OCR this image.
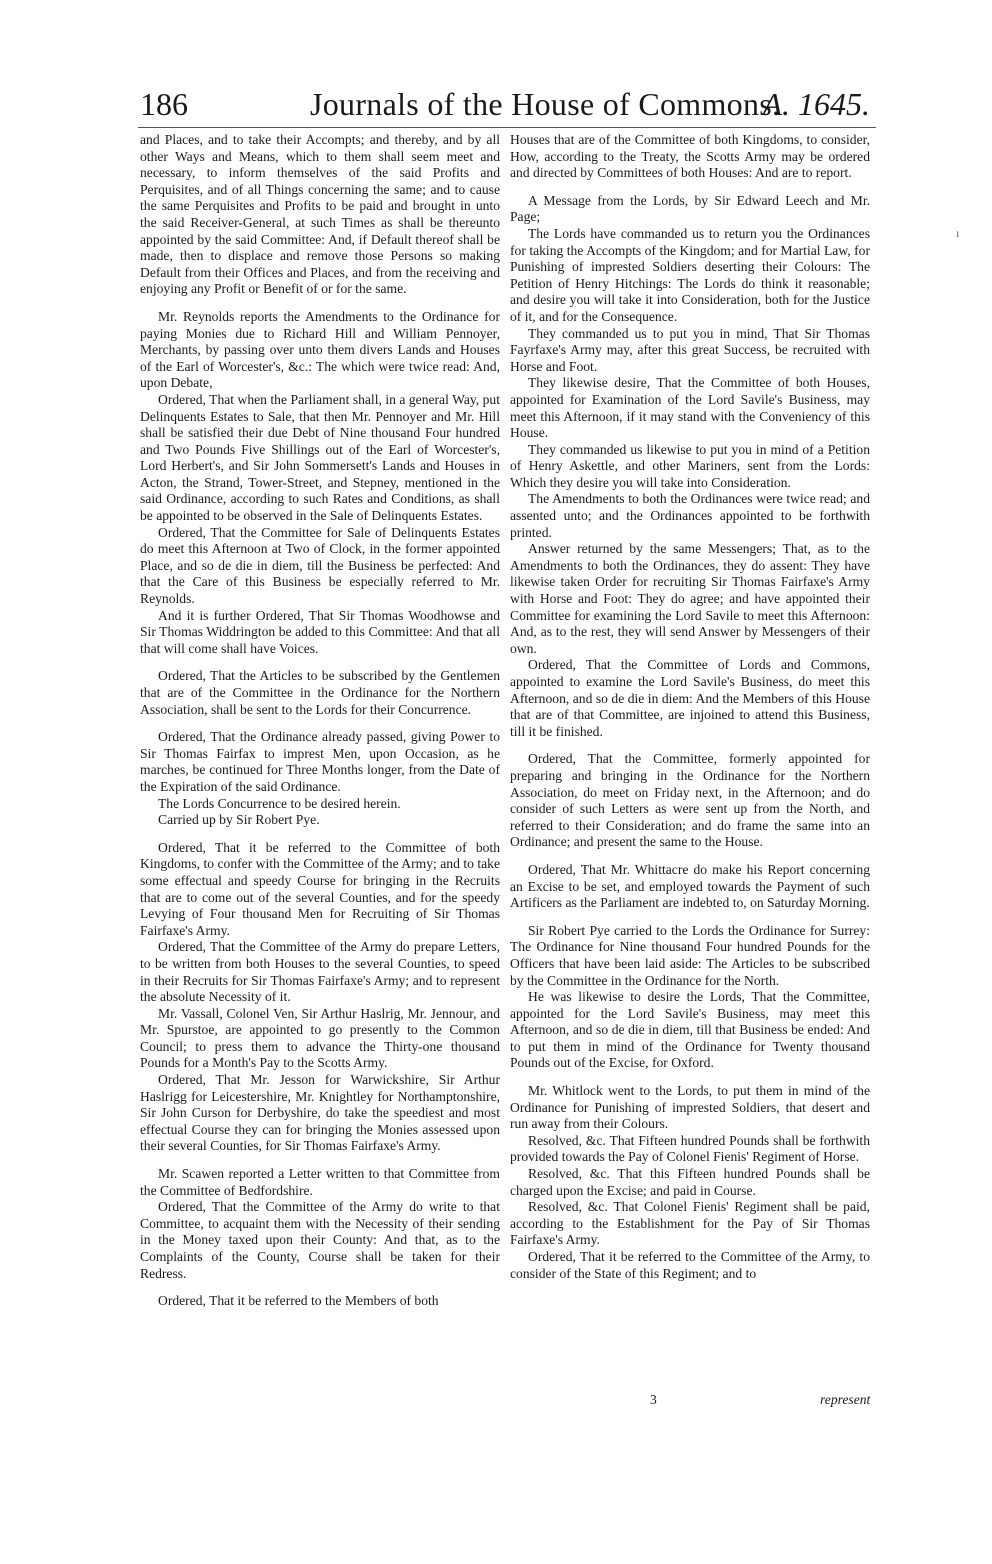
186	Journals of the House of Commons.
A. 1645.

and Places, and to take their Accompts; and thereby, and by all other Ways and Means, which to them shall seem meet and necessary, to inform themselves of the said Profits and Perquisites, and of all Things concerning the same; and to cause the same Perquisites and Profits to be paid and brought in unto the said Receiver-General, at such Times as shall be thereunto appointed by the said Committee: And, if Default thereof shall be made, then to displace and remove those Persons so making Default from their Offices and Places, and from the receiving and enjoying any Profit or Benefit of or for the same.

Mr. Reynolds reports the Amendments to the Ordinance for paying Monies due to Richard Hill and William Pennoyer, Merchants, by passing over unto them divers Lands and Houses of the Earl of Worcester's, &c.: The which were twice read: And, upon Debate,

Ordered, That when the Parliament shall, in a general Way, put Delinquents Estates to Sale, that then Mr. Pennoyer and Mr. Hill shall be satisfied their due Debt of Nine thousand Four hundred and Two Pounds Five Shillings out of the Earl of Worcester's, Lord Herbert's, and Sir John Sommersett's Lands and Houses in Acton, the Strand, Tower-Street, and Stepney, mentioned in the said Ordinance, according to such Rates and Conditions, as shall be appointed to be observed in the Sale of Delinquents Estates.

Ordered, That the Committee for Sale of Delinquents Estates do meet this Afternoon at Two of Clock, in the former appointed Place, and so de die in diem, till the Business be perfected: And that the Care of this Business be especially referred to Mr. Reynolds.

And it is further Ordered, That Sir Thomas Woodhowse and Sir Thomas Widdrington be added to this Committee: And that all that will come shall have Voices.

Ordered, That the Articles to be subscribed by the Gentlemen that are of the Committee in the Ordinance for the Northern Association, shall be sent to the Lords for their Concurrence.

Ordered, That the Ordinance already passed, giving Power to Sir Thomas Fairfax to imprest Men, upon Occasion, as he marches, be continued for Three Months longer, from the Date of the Expiration of the said Ordinance.

The Lords Concurrence to be desired herein.

Carried up by Sir Robert Pye.

Ordered, That it be referred to the Committee of both Kingdoms, to confer with the Committee of the Army; and to take some effectual and speedy Course for bringing in the Recruits that are to come out of the several Counties, and for the speedy Levying of Four thousand Men for Recruiting of Sir Thomas Fairfaxe's Army.

Ordered, That the Committee of the Army do prepare Letters, to be written from both Houses to the several Counties, to speed in their Recruits for Sir Thomas Fairfaxe's Army; and to represent the absolute Necessity of it.

Mr. Vassall, Colonel Ven, Sir Arthur Haslrig, Mr. Jennour, and Mr. Spurstoe, are appointed to go presently to the Common Council; to press them to advance the Thirty-one thousand Pounds for a Month's Pay to the Scotts Army.

Ordered, That Mr. Jesson for Warwickshire, Sir Arthur Haslrigg for Leicestershire, Mr. Knightley for Northamptonshire, Sir John Curson for Derbyshire, do take the speediest and most effectual Course they can for bringing the Monies assessed upon their several Counties, for Sir Thomas Fairfaxe's Army.

Mr. Scawen reported a Letter written to that Committee from the Committee of Bedfordshire.

Ordered, That the Committee of the Army do write to that Committee, to acquaint them with the Necessity of their sending in the Money taxed upon their County: And that, as to the Complaints of the County, Course shall be taken for their Redress.

Ordered, That it be referred to the Members of both

Houses that are of the Committee of both Kingdoms, to consider, How, according to the Treaty, the Scotts Army may be ordered and directed by Committees of both Houses: And are to report.

A Message from the Lords, by Sir Edward Leech and Mr. Page;

The Lords have commanded us to return you the Ordinances for taking the Accompts of the Kingdom; and for Martial Law, for Punishing of imprested Soldiers deserting their Colours: The Petition of Henry Hitchings: The Lords do think it reasonable; and desire you will take it into Consideration, both for the Justice of it, and for the Consequence.

They commanded us to put you in mind, That Sir Thomas Fayrfaxe's Army may, after this great Success, be recruited with Horse and Foot.

They likewise desire, That the Committee of both Houses, appointed for Examination of the Lord Savile's Business, may meet this Afternoon, if it may stand with the Conveniency of this House.

They commanded us likewise to put you in mind of a Petition of Henry Askettle, and other Mariners, sent from the Lords: Which they desire you will take into Consideration.

The Amendments to both the Ordinances were twice read; and assented unto; and the Ordinances appointed to be forthwith printed.

Answer returned by the same Messengers; That, as to the Amendments to both the Ordinances, they do assent: They have likewise taken Order for recruiting Sir Thomas Fairfaxe's Army with Horse and Foot: They do agree; and have appointed their Committee for examining the Lord Savile to meet this Afternoon: And, as to the rest, they will send Answer by Messengers of their own.

Ordered, That the Committee of Lords and Commons, appointed to examine the Lord Savile's Business, do meet this Afternoon, and so de die in diem: And the Members of this House that are of that Committee, are injoined to attend this Business, till it be finished.

Ordered, That the Committee, formerly appointed for preparing and bringing in the Ordinance for the Northern Association, do meet on Friday next, in the Afternoon; and do consider of such Letters as were sent up from the North, and referred to their Consideration; and do frame the same into an Ordinance; and present the same to the House.

Ordered, That Mr. Whittacre do make his Report concerning an Excise to be set, and employed towards the Payment of such Artificers as the Parliament are indebted to, on Saturday Morning.

Sir Robert Pye carried to the Lords the Ordinance for Surrey: The Ordinance for Nine thousand Four hundred Pounds for the Officers that have been laid aside: The Articles to be subscribed by the Committee in the Ordinance for the North.

He was likewise to desire the Lords, That the Committee, appointed for the Lord Savile's Business, may meet this Afternoon, and so de die in diem, till that Business be ended: And to put them in mind of the Ordinance for Twenty thousand Pounds out of the Excise, for Oxford.

Mr. Whitlock went to the Lords, to put them in mind of the Ordinance for Punishing of imprested Soldiers, that desert and run away from their Colours.

Resolved, &c. That Fifteen hundred Pounds shall be forthwith provided towards the Pay of Colonel Fienis' Regiment of Horse.

Resolved, &c. That this Fifteen hundred Pounds shall be charged upon the Excise; and paid in Course.

Resolved, &c. That Colonel Fienis' Regiment shall be paid, according to the Establishment for the Pay of Sir Thomas Fairfaxe's Army.

Ordered, That it be referred to the Committee of the Army, to consider of the State of this Regiment; and to

3	represent
ı
